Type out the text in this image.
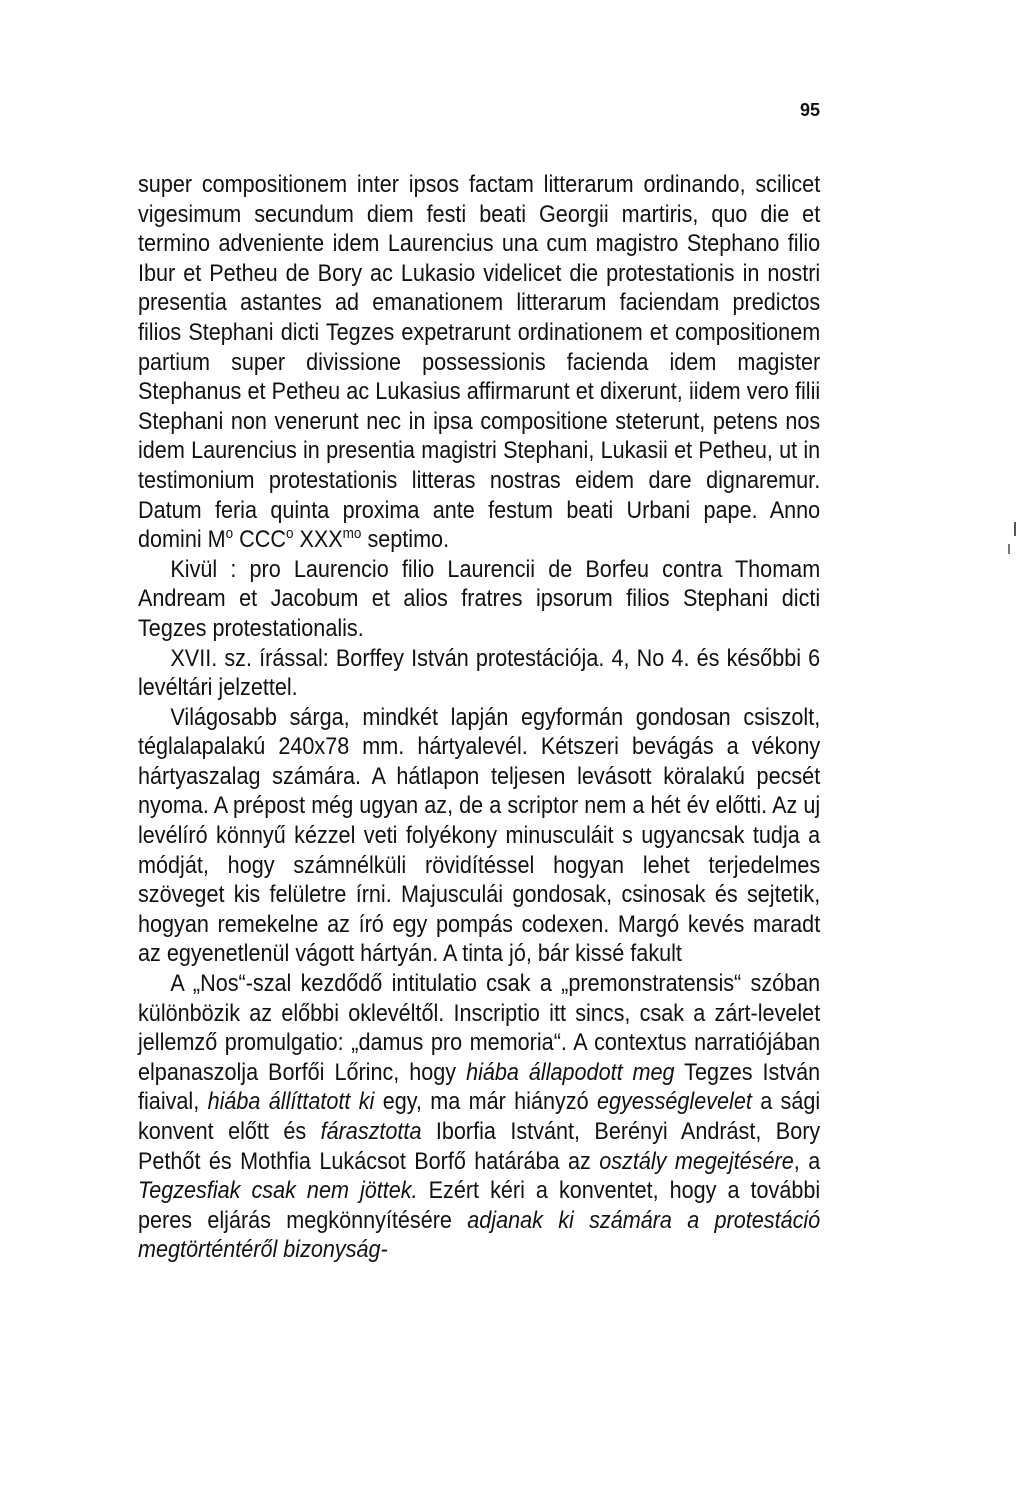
95

super compositionem inter ipsos factam litterarum ordinando, scilicet vigesimum secundum diem festi beati Georgii martiris, quo die et termino adveniente idem Laurencius una cum magistro Stephano filio Ibur et Petheu de Bory ac Lukasio videlicet die protestationis in nostri presentia astantes ad emanationem litterarum faciendam predictos filios Stephani dicti Tegzes expetrarunt ordinationem et compositionem partium super divissione possessionis facienda idem magister Stephanus et Petheu ac Lukasius affirmarunt et dixerunt, iidem vero filii Stephani non venerunt nec in ipsa compositione steterunt, petens nos idem Laurencius in presentia magistri Stephani, Lukasii et Petheu, ut in testimonium protestationis litteras nostras eidem dare dignaremur. Datum feria quinta proxima ante festum beati Urbani pape. Anno domini $M^o$ CCC$^o$ $XXX^{mo}$ septimo.

Kivül : pro Laurencio filio Laurencii de Borfeu contra Thomam Andream et Jacobum et alios fratres ipsorum filios Stephani dicti Tegzes protestationalis.

XVII. sz. írással: Borffey István protestációja. 4, No 4. és későbbi 6 levéltári jelzettel.

Világosabb sárga, mindkét lapján egyformán gondosan csiszolt, téglalapalakú 240x78 mm. hártyalevél. Kétszeri bevágás a vékony hártyaszalag számára. A hátlapon teljesen levásott köralakú pecsét nyoma. A prépost még ugyan az, de a scriptor nem a hét év előtti. Az uj levélíró könnyű kézzel veti folyékony minusculáit s ugyancsak tudja a módját, hogy számnélküli rövidítéssel hogyan lehet terjedelmes szöveget kis felületre írni. Majusculái gondosak, csinosak és sejtetik, hogyan remekelne az író egy pompás codexen. Margó kevés maradt az egyenetlenül vágott hártyán. A tinta jó, bár kissé fakult

A „Nos“-szal kezdődő intitulatio csak a „premonstratensis“ szóban különbözik az előbbi oklevéltől. Inscriptio itt sincs, csak a zárt-levelet jellemző promulgatio: „damus pro memoria“. A contextus narratiójában elpanaszolja Borfői Lőrinc, hogy hiába állapodott meg Tegzes István fiaival, hiába állíttatott ki egy, ma már hiányzó egyességlevelet a sági konvent előtt és fárasztotta Iborfia Istvánt, Berényi Andrást, Bory Pethőt és Mothfia Lukácsot Borfő határába az osztály megejtésére, a Tegzesfiak csak nem jöttek. Ezért kéri a konventet, hogy a további peres eljárás megkönnyítésére adjanak ki számára a protestáció megtörténtéről bizonyság-
